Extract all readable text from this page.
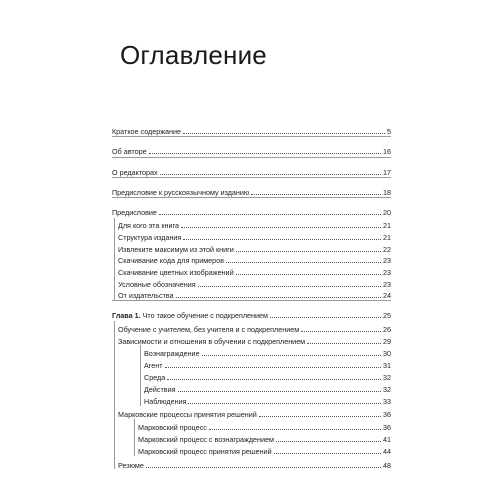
Оглавление
Краткое содержание	5
Об авторе	16
О редакторах	17
Предисловие к русскоязычному изданию	18
Предисловие	20
Для кого эта книга	21
Структура издания	21
Извлеките максимум из этой книги	22
Скачивание кода для примеров	23
Скачивание цветных изображений	23
Условные обозначения	23
От издательства	24
Глава 1. Что такое обучение с подкреплением	25
Обучение с учителем, без учителя и с подкреплением	26
Зависимости и отношения в обучении с подкреплением	29
Вознаграждение	30
Агент	31
Среда	32
Действия	32
Наблюдения	33
Марковские процессы принятия решений	36
Марковский процесс	36
Марковский процесс с вознаграждением	41
Марковский процесс принятия решений	44
Резюме	48
